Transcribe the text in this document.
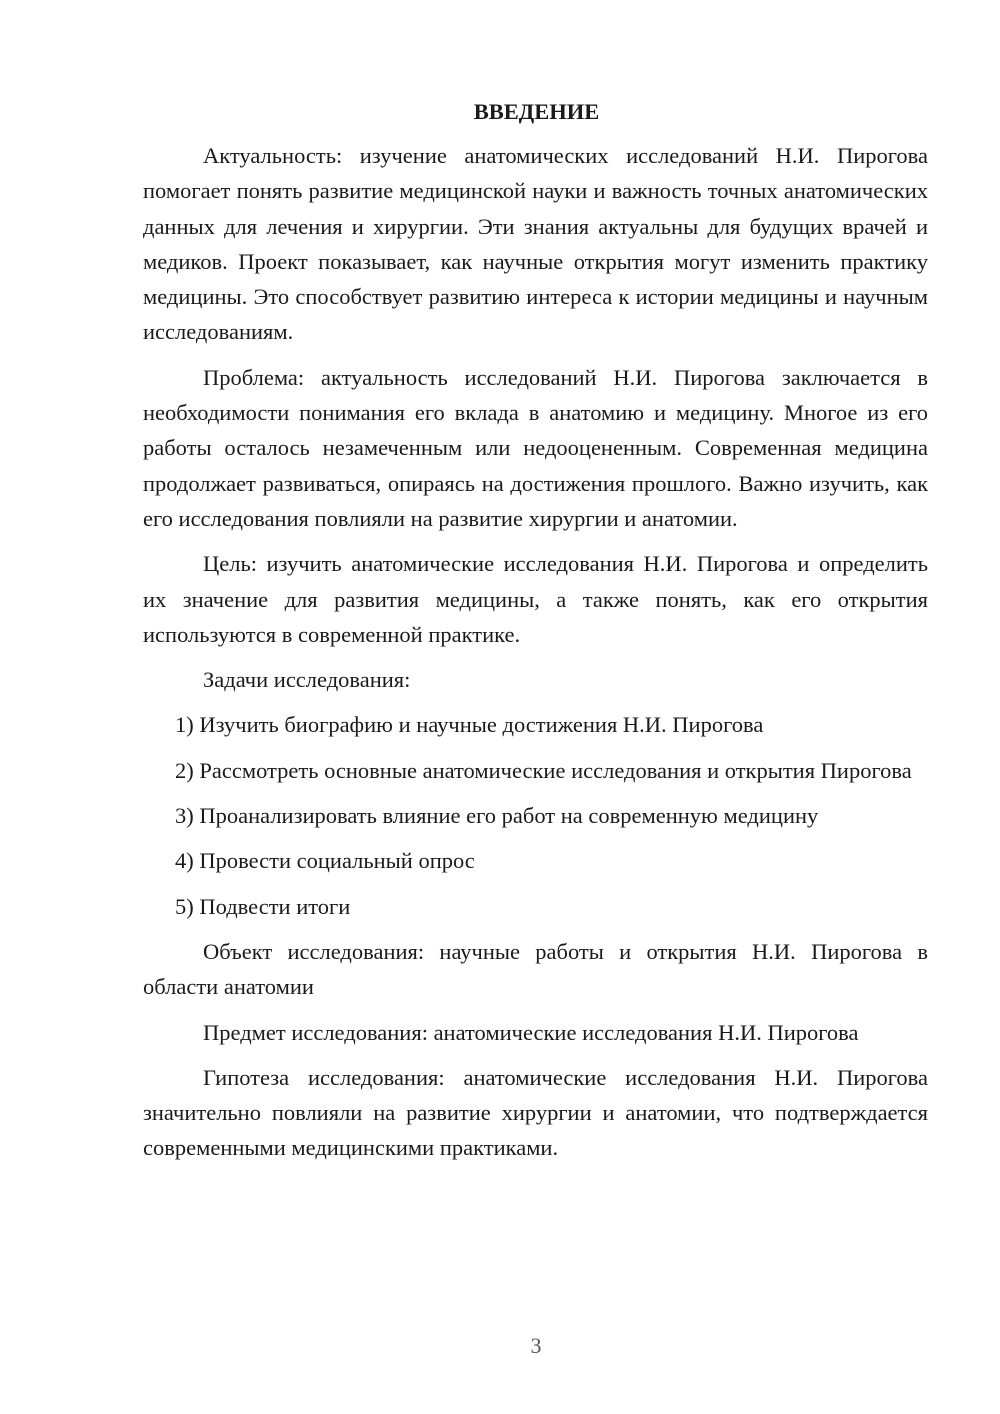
ВВЕДЕНИЕ

Актуальность: изучение анатомических исследований Н.И. Пирогова помогает понять развитие медицинской науки и важность точных анатомических данных для лечения и хирургии. Эти знания актуальны для будущих врачей и медиков. Проект показывает, как научные открытия могут изменить практику медицины. Это способствует развитию интереса к истории медицины и научным исследованиям.

Проблема: актуальность исследований Н.И. Пирогова заключается в необходимости понимания его вклада в анатомию и медицину. Многое из его работы осталось незамеченным или недооцененным. Современная медицина продолжает развиваться, опираясь на достижения прошлого. Важно изучить, как его исследования повлияли на развитие хирургии и анатомии.

Цель: изучить анатомические исследования Н.И. Пирогова и определить их значение для развития медицины, а также понять, как его открытия используются в современной практике.

Задачи исследования:

1) Изучить биографию и научные достижения Н.И. Пирогова

2) Рассмотреть основные анатомические исследования и открытия Пирогова

3) Проанализировать влияние его работ на современную медицину

4) Провести социальный опрос

5) Подвести итоги

Объект исследования: научные работы и открытия Н.И. Пирогова в области анатомии

Предмет исследования: анатомические исследования Н.И. Пирогова

Гипотеза исследования: анатомические исследования Н.И. Пирогова значительно повлияли на развитие хирургии и анатомии, что подтверждается современными медицинскими практиками.

3
